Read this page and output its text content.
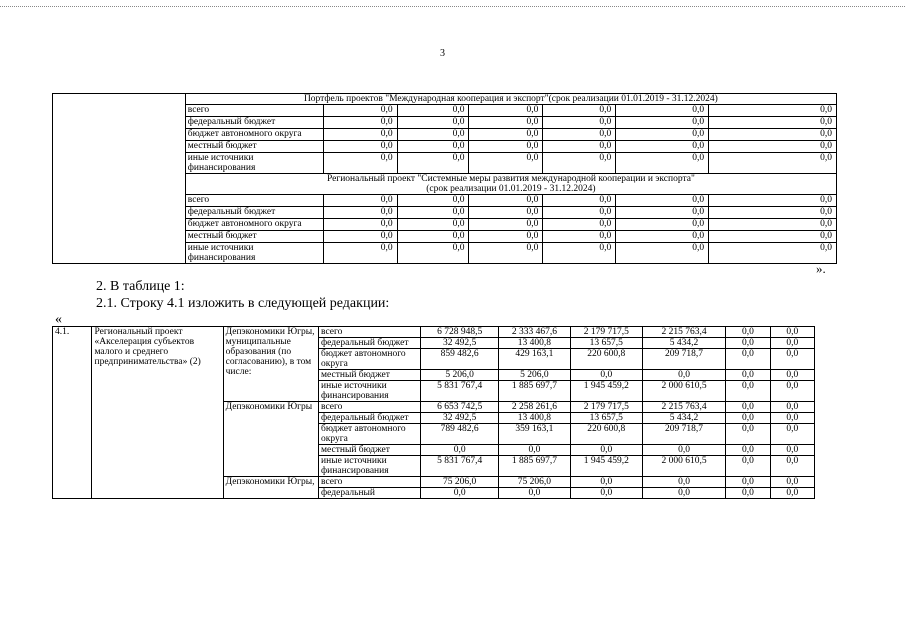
3
	Портфель проектов "Международная кооперация и экспорт"(срок реализации 01.01.2019 - 31.12.2024)						
	всего	0,0	0,0	0,0	0,0	0,0	0,0
	федеральный бюджет	0,0	0,0	0,0	0,0	0,0	0,0
	бюджет автономного округа	0,0	0,0	0,0	0,0	0,0	0,0
	местный бюджет	0,0	0,0	0,0	0,0	0,0	0,0
	иные источники финансирования	0,0	0,0	0,0	0,0	0,0	0,0

	Региональный проект "Системные меры развития международной кооперации и экспорта"
(срок реализации 01.01.2019 - 31.12.2024)						

	всего	0,0	0,0	0,0	0,0	0,0	0,0
	федеральный бюджет	0,0	0,0	0,0	0,0	0,0	0,0
	бюджет автономного округа	0,0	0,0	0,0	0,0	0,0	0,0
	местный бюджет	0,0	0,0	0,0	0,0	0,0	0,0
	иные источники финансирования	0,0	0,0	0,0	0,0	0,0	0,0
».
2. В таблице 1:
2.1. Строку 4.1 изложить в следующей редакции:
«
4.1.	Региональный проект «Акселерация субъектов малого и среднего предпринимательства» (2)	Депэкономики Югры, муниципальные образования (по согласованию), в том числе:	всего	6 728 948,5	2 333 467,6	2 179 717,5	2 215 763,4	0,0	0,0
			федеральный бюджет	32 492,5	13 400,8	13 657,5	5 434,2	0,0	0,0
			бюджет автономного округа	859 482,6	429 163,1	220 600,8	209 718,7	0,0	0,0
			местный бюджет	5 206,0	5 206,0	0,0	0,0	0,0	0,0
			иные источники финансирования	5 831 767,4	1 885 697,7	1 945 459,2	2 000 610,5	0,0	0,0
		Депэкономики Югры	всего	6 653 742,5	2 258 261,6	2 179 717,5	2 215 763,4	0,0	0,0
			федеральный бюджет	32 492,5	13 400,8	13 657,5	5 434,2	0,0	0,0
			бюджет автономного округа	789 482,6	359 163,1	220 600,8	209 718,7	0,0	0,0
			местный бюджет	0,0	0,0	0,0	0,0	0,0	0,0
			иные источники финансирования	5 831 767,4	1 885 697,7	1 945 459,2	2 000 610,5	0,0	0,0
		Депэкономики Югры,	всего	75 206,0	75 206,0	0,0	0,0	0,0	0,0
			федеральный	0,0	0,0	0,0	0,0	0,0	0,0
